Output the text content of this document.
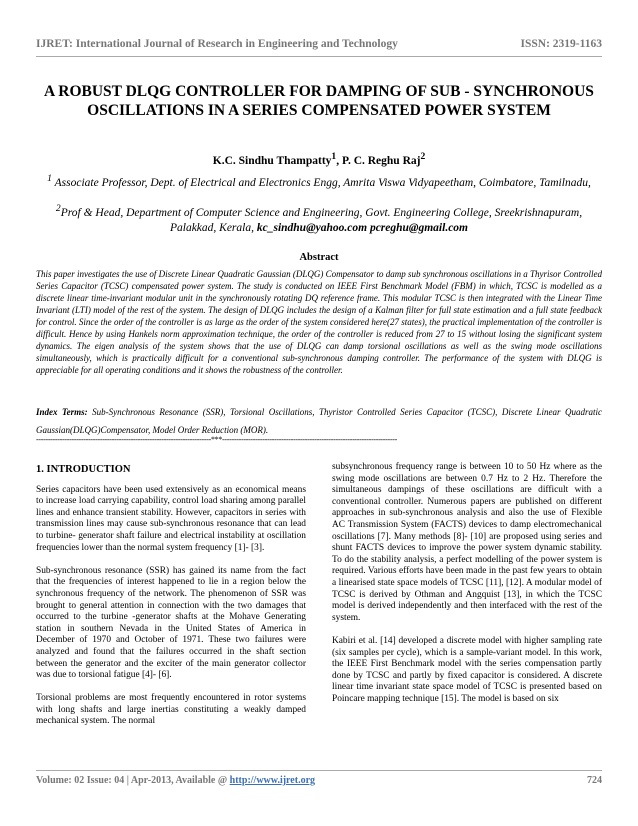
IJRET: International Journal of Research in Engineering and Technology	ISSN: 2319-1163
A ROBUST DLQG CONTROLLER FOR DAMPING OF SUB - SYNCHRONOUS OSCILLATIONS IN A SERIES COMPENSATED POWER SYSTEM
K.C. Sindhu Thampatty$^1$, P. C. Reghu Raj$^2$
$^1$ Associate Professor, Dept. of Electrical and Electronics Engg, Amrita Viswa Vidyapeetham, Coimbatore, Tamilnadu,
$^2$Prof & Head, Department of Computer Science and Engineering, Govt. Engineering College, Sreekrishnapuram, Palakkad, Kerala, kc_sindhu@yahoo.com pcreghu@gmail.com
Abstract
This paper investigates the use of Discrete Linear Quadratic Gaussian (DLQG) Compensator to damp sub synchronous oscillations in a Thyrisor Controlled Series Capacitor (TCSC) compensated power system. The study is conducted on IEEE First Benchmark Model (FBM) in which, TCSC is modelled as a discrete linear time-invariant modular unit in the synchronously rotating DQ reference frame. This modular TCSC is then integrated with the Linear Time Invariant (LTI) model of the rest of the system. The design of DLQG includes the design of a Kalman filter for full state estimation and a full state feedback for control. Since the order of the controller is as large as the order of the system considered here(27 states), the practical implementation of the controller is difficult. Hence by using Hankels norm approximation technique, the order of the controller is reduced from 27 to 15 without losing the significant system dynamics. The eigen analysis of the system shows that the use of DLQG can damp torsional oscillations as well as the swing mode oscillations simultaneously, which is practically difficult for a conventional sub-synchronous damping controller. The performance of the system with DLQG is appreciable for all operating conditions and it shows the robustness of the controller.
Index Terms: Sub-Synchronous Resonance (SSR), Torsional Oscillations, Thyristor Controlled Series Capacitor (TCSC), Discrete Linear Quadratic Gaussian(DLQG)Compensator, Model Order Reduction (MOR).
--------------------------------------------------------------------------***--------------------------------------------------------------------------
1. INTRODUCTION

Series capacitors have been used extensively as an economical means to increase load carrying capability, control load sharing among parallel lines and enhance transient stability. However, capacitors in series with transmission lines may cause sub-synchronous resonance that can lead to turbine- generator shaft failure and electrical instability at oscillation frequencies lower than the normal system frequency [1]- [3].

Sub-synchronous resonance (SSR) has gained its name from the fact that the frequencies of interest happened to lie in a region below the synchronous frequency of the network. The phenomenon of SSR was brought to general attention in connection with the two damages that occurred to the turbine -generator shafts at the Mohave Generating station in southern Nevada in the United States of America in December of 1970 and October of 1971. These two failures were analyzed and found that the failures occurred in the shaft section between the generator and the exciter of the main generator collector was due to torsional fatigue [4]- [6].

Torsional problems are most frequently encountered in rotor systems with long shafts and large inertias constituting a weakly damped mechanical system. The normal

subsynchronous frequency range is between 10 to 50 Hz where as the swing mode oscillations are between 0.7 Hz to 2 Hz. Therefore the simultaneous dampings of these oscillations are difficult with a conventional controller. Numerous papers are published on different approaches in sub-synchronous analysis and also the use of Flexible AC Transmission System (FACTS) devices to damp electromechanical oscillations [7]. Many methods [8]- [10] are proposed using series and shunt FACTS devices to improve the power system dynamic stability. To do the stability analysis, a perfect modelling of the power system is required. Various efforts have been made in the past few years to obtain a linearised state space models of TCSC [11], [12]. A modular model of TCSC is derived by Othman and Angquist [13], in which the TCSC model is derived independently and then interfaced with the rest of the system.

Kabiri et al. [14] developed a discrete model with higher sampling rate (six samples per cycle), which is a sample-variant model. In this work, the IEEE First Benchmark model with the series compensation partly done by TCSC and partly by fixed capacitor is considered. A discrete linear time invariant state space model of TCSC is presented based on Poincare mapping technique [15]. The model is based on six

Volume: 02 Issue: 04 | Apr-2013, Available @ http://www.ijret.org	724
